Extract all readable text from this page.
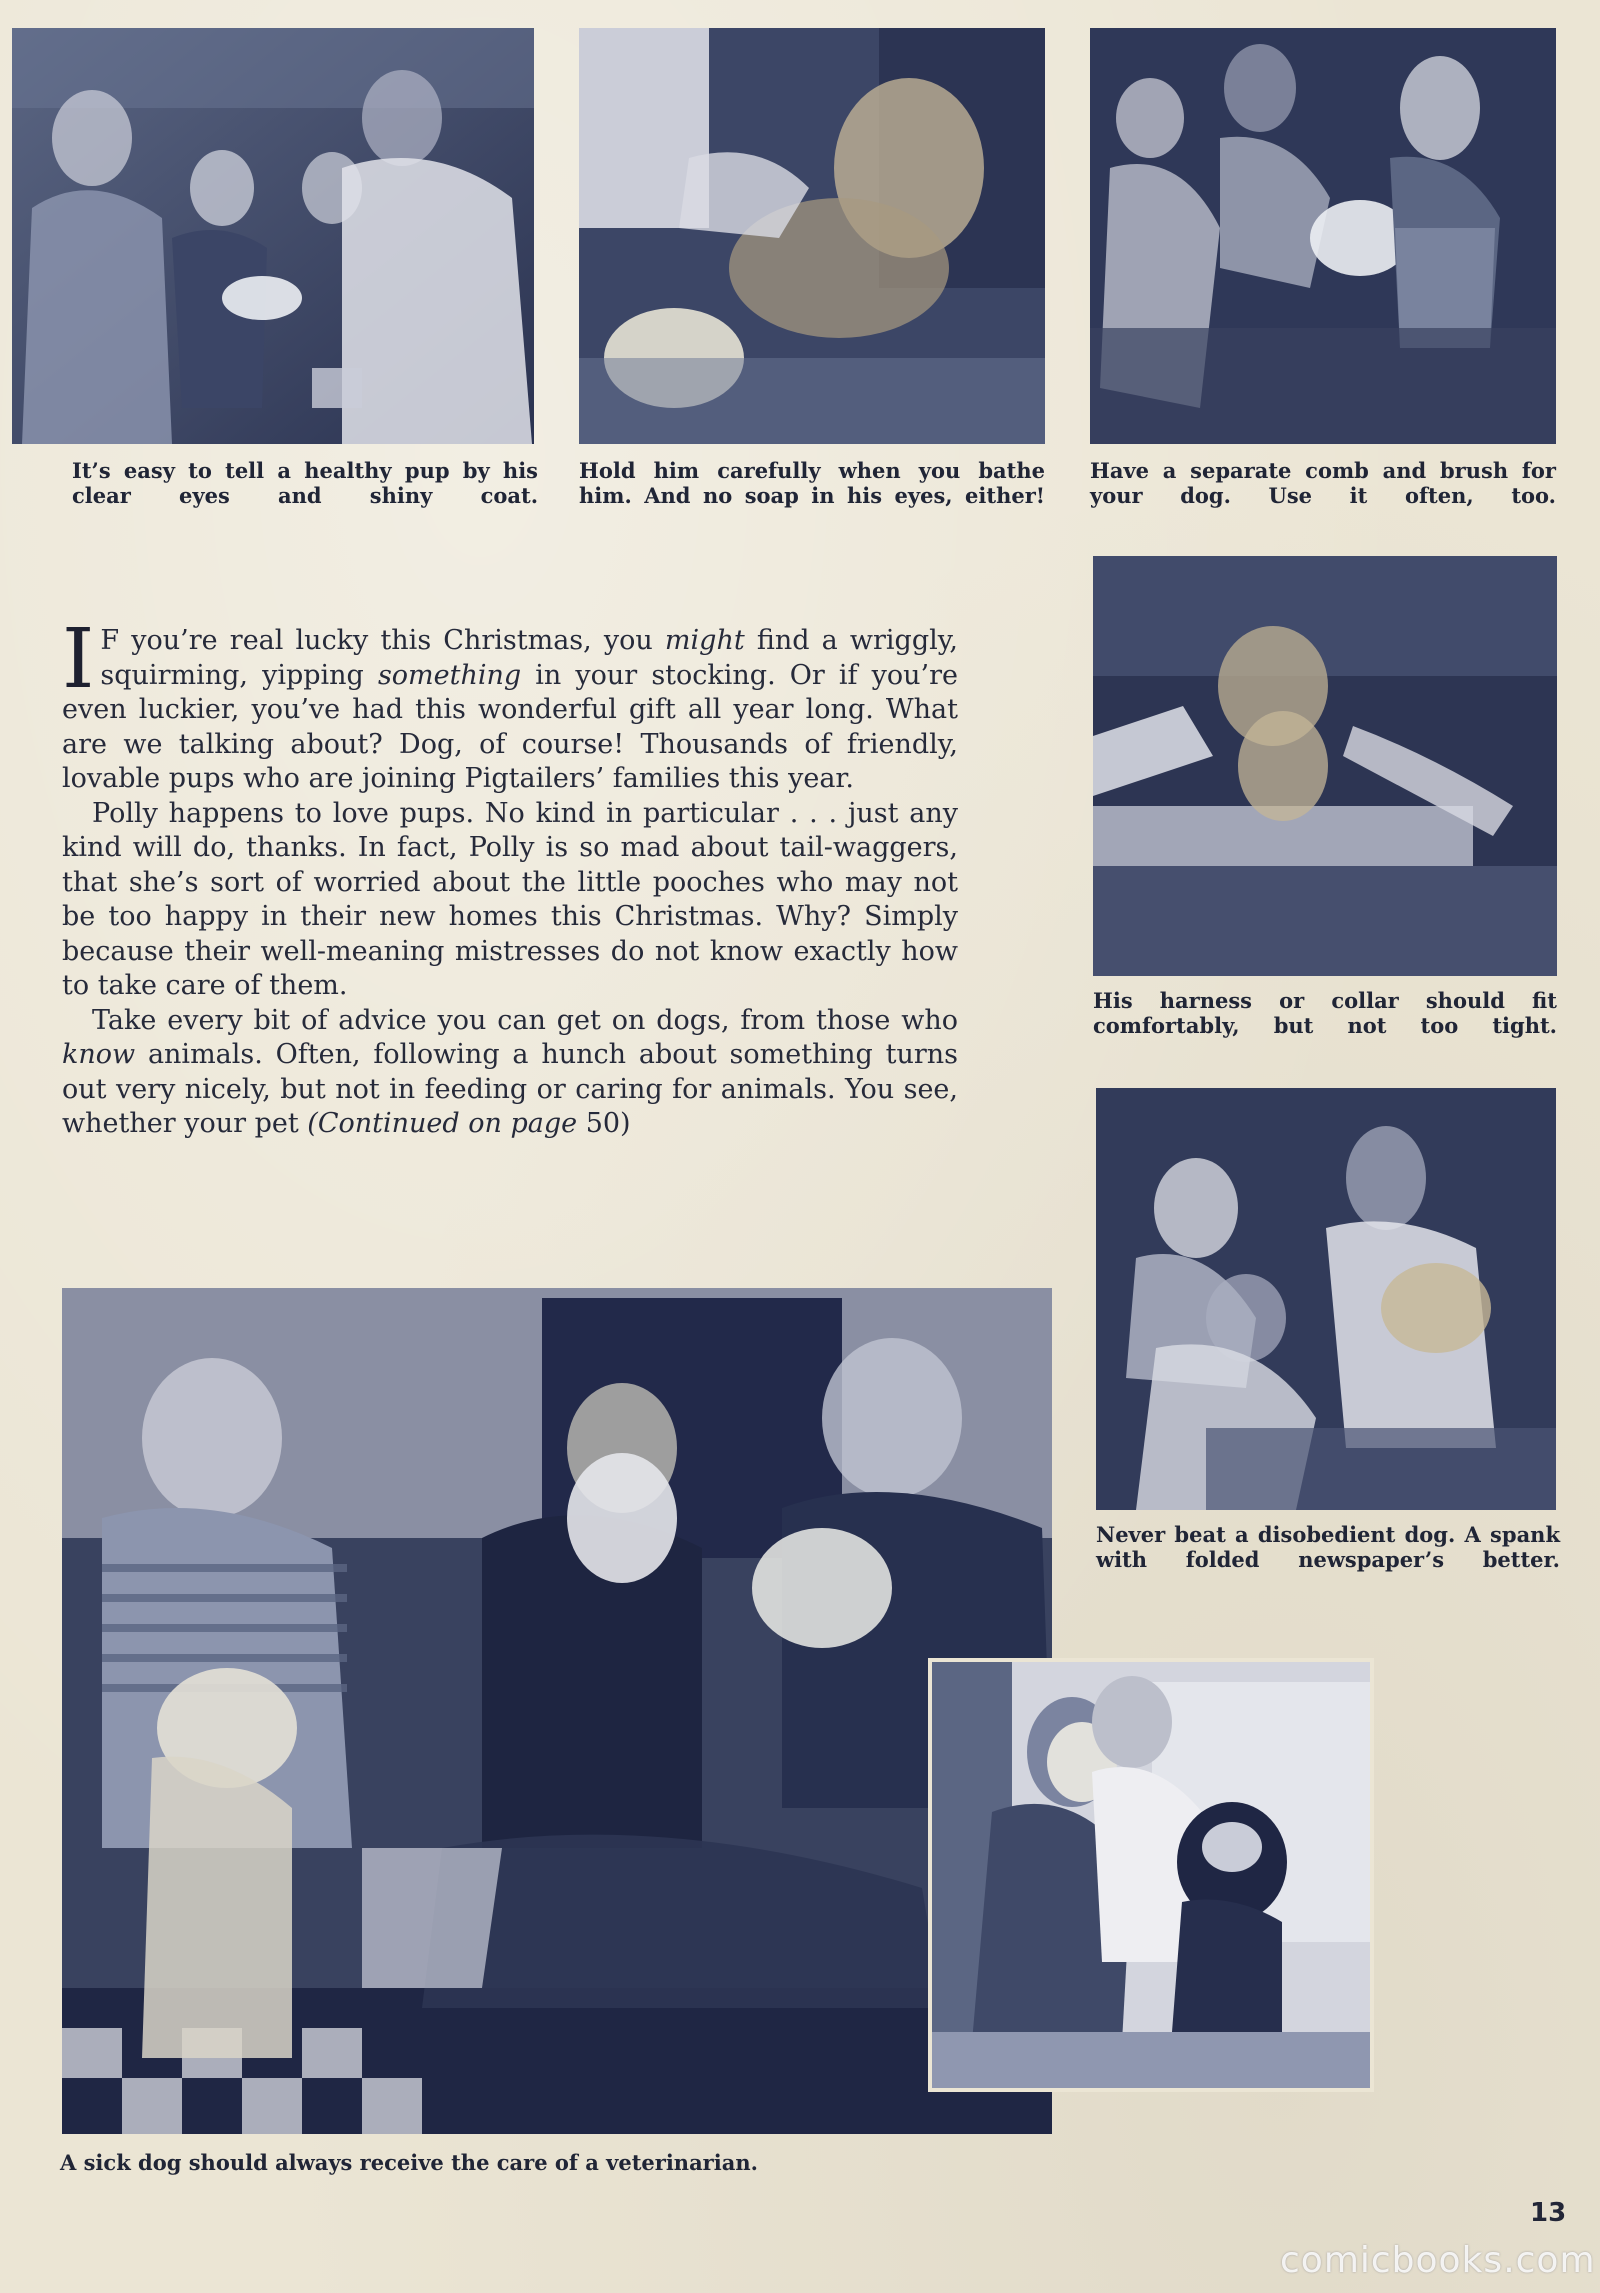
It’s easy to tell a healthy pup by his clear eyes and shiny coat.
Hold him carefully when you bathe him. And no soap in his eyes, either!
Have a separate comb and brush for your dog. Use it often, too.
His harness or collar should fit comfortably, but not too tight.
Never beat a disobedient dog. A spank with folded newspaper’s better.

I F you’re real lucky this Christmas, you might find a wriggly, squirming, yipping something in your stocking. Or if you’re even luckier, you’ve had this wonderful gift all year long. What are we talking about? Dog, of course! Thousands of friendly, lovable pups who are joining Pigtailers’ families this year.

Polly happens to love pups. No kind in particular . . . just any kind will do, thanks. In fact, Polly is so mad about tail-waggers, that she’s sort of worried about the little pooches who may not be too happy in their new homes this Christmas. Why? Simply because their well-meaning mistresses do not know exactly how to take care of them.

Take every bit of advice you can get on dogs, from those who know animals. Often, following a hunch about something turns out very nicely, but not in feeding or caring for animals. You see, whether your pet (Continued on page 50)

A sick dog should always receive the care of a veterinarian.
13
comicbooks.com
